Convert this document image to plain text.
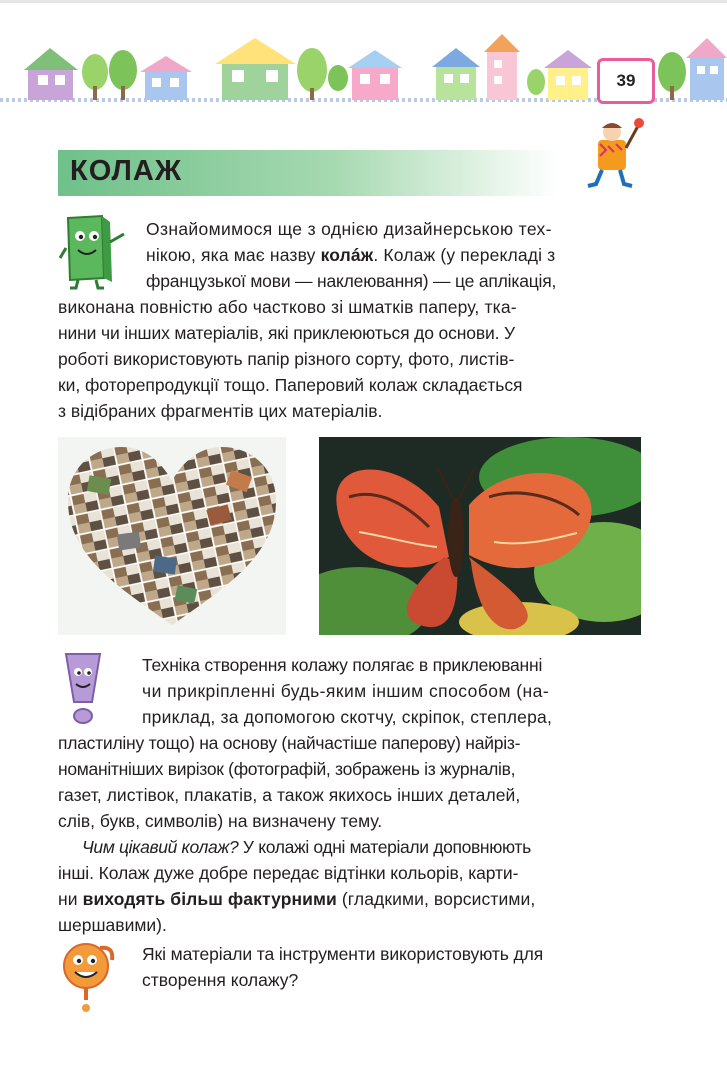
39
КОЛАЖ
Ознайомимося ще з однією дизайнерською тех-
нікою, яка має назву колáж. Колаж (у перекладі з
французької мови — наклеювання) — це аплікація,
виконана повністю або частково зі шматків паперу, тка-
нини чи інших матеріалів, які приклеюються до основи. У
роботі використовують папір різного сорту, фото, листів-
ки, фоторепродукції тощо. Паперовий колаж складається
з відібраних фрагментів цих матеріалів.
Техніка створення колажу полягає в приклеюванні
чи прикріпленні будь-яким іншим способом (на-
приклад, за допомогою скотчу, скріпок, степлера,
пластиліну тощо) на основу (найчастіше паперову) найріз-
номанітніших вирізок (фотографій, зображень із журналів,
газет, листівок, плакатів, а також якихось інших деталей,
слів, букв, символів) на визначену тему.
Чим цікавий колаж? У колажі одні матеріали доповнюють
інші. Колаж дуже добре передає відтінки кольорів, карти-
ни виходять більш фактурними (гладкими, ворсистими,
шершавими).
Які матеріали та інструменти використовують для
створення колажу?
